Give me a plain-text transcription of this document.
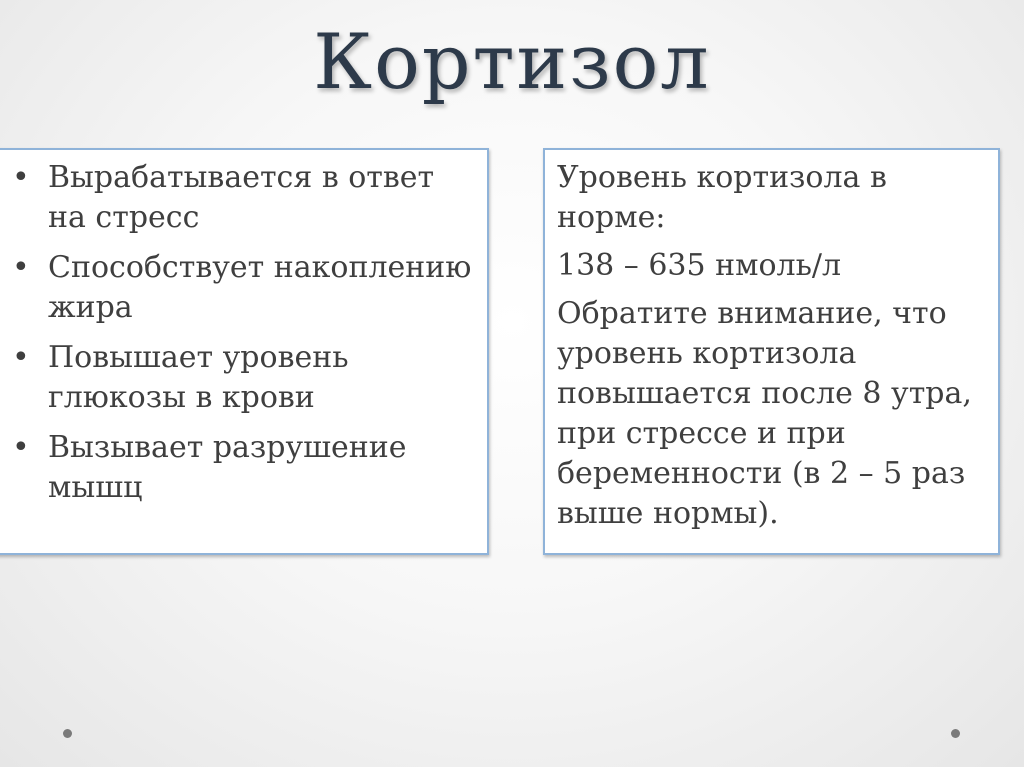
Кортизол
• Вырабатывается в ответ на стресс
• Способствует накоплению жира
• Повышает уровень глюкозы в крови
• Вызывает разрушение мышц

Уровень кортизола в норме:

138 – 635 нмоль/л

Обратите внимание, что уровень кортизола повышается после 8 утра, при стрессе и при беременности (в 2 – 5 раз выше нормы).
